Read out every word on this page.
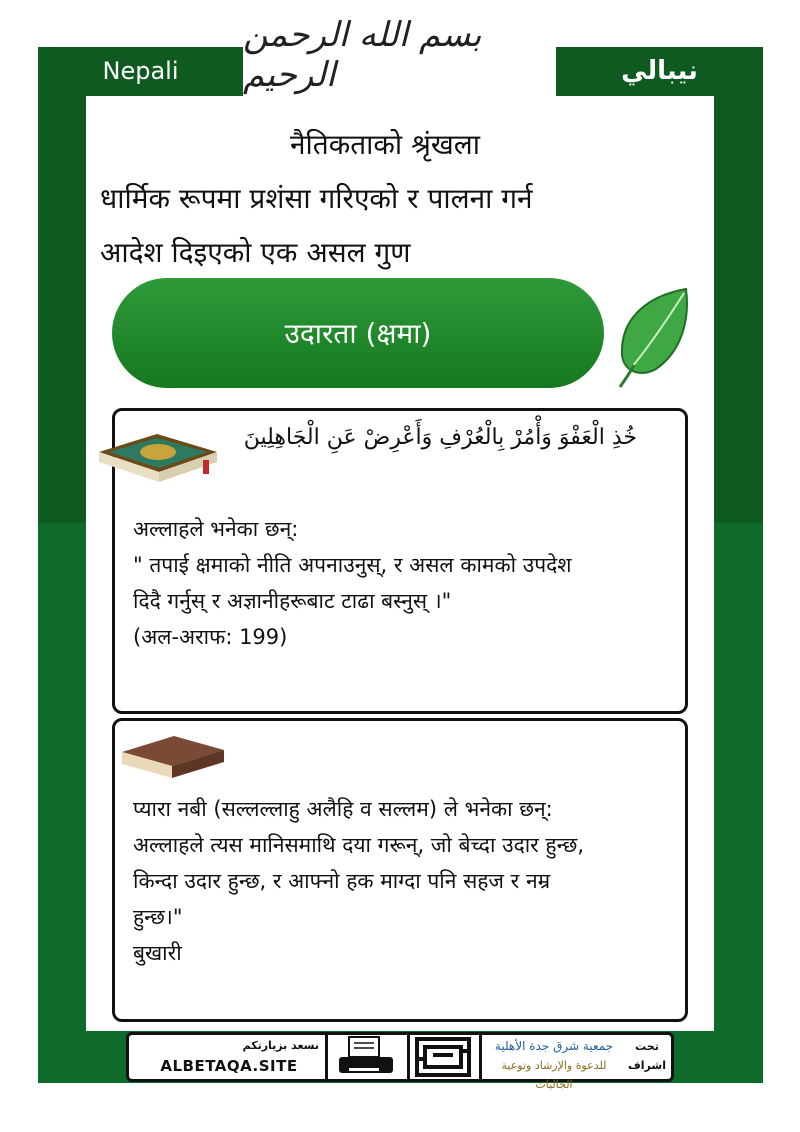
Nepali	نيبالي
بسم الله الرحمن الرحيم
नैतिकताको श्रृंखला
धार्मिक रूपमा प्रशंसा गरिएको र पालना गर्न
आदेश दिइएको एक असल गुण
उदारता (क्षमा)
خُذِ الْعَفْوَ وَأْمُرْ بِالْعُرْفِ وَأَعْرِضْ عَنِ الْجَاهِلِينَ
अल्लाहले भनेका छन्:
" तपाई क्षमाको नीति अपनाउनुस्, र असल कामको उपदेश
दिदै गर्नुस् र अज्ञानीहरूबाट टाढा बस्नुस् ।"
(अल-अराफ: 199)
प्यारा नबी (सल्लल्लाहु अलैहि व सल्लम) ले भनेका छन्:
अल्लाहले त्यस मानिसमाथि दया गरून्, जो बेच्दा उदार हुन्छ,
किन्दा उदार हुन्छ, र आफ्नो हक माग्दा पनि सहज र नम्र
हुन्छ।"
बुखारी
نسعد بزيارتكم
ALBETAQA.SITE
جمعية شرق جدة الأهلية
للدعوة والإرشاد وتوعية الجاليات
تحت اشراف
